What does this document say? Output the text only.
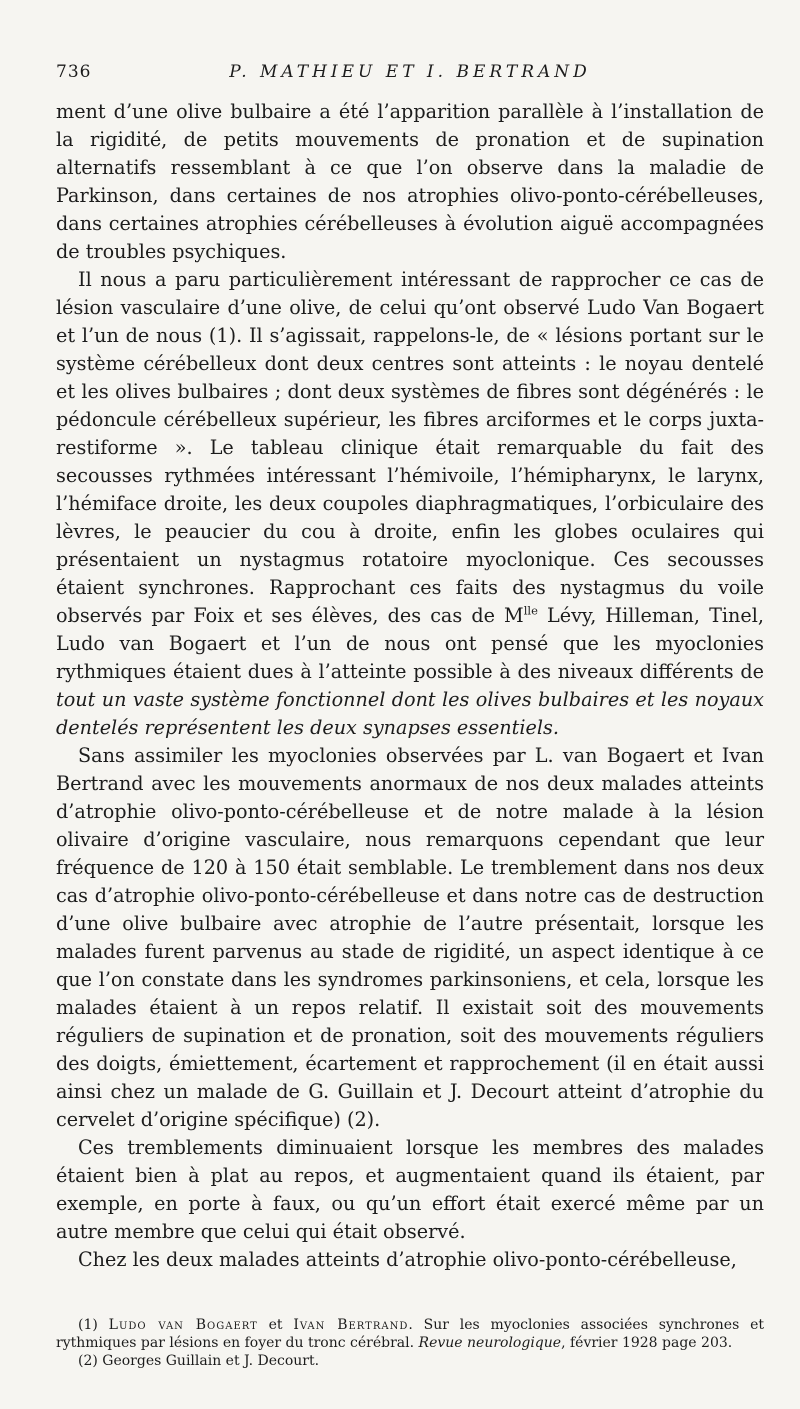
736	P. MATHIEU ET I. BERTRAND

ment d’une olive bulbaire a été l’apparition parallèle à l’installation de la rigidité, de petits mouvements de pronation et de supination alternatifs ressemblant à ce que l’on observe dans la maladie de Parkinson, dans certaines de nos atrophies olivo-ponto-cérébelleuses, dans certaines atrophies cérébelleuses à évolution aiguë accompagnées de troubles psychiques.

Il nous a paru particulièrement intéressant de rapprocher ce cas de lésion vasculaire d’une olive, de celui qu’ont observé Ludo Van Bogaert et l’un de nous (1). Il s’agissait, rappelons-le, de « lésions portant sur le système cérébelleux dont deux centres sont atteints : le noyau dentelé et les olives bulbaires ; dont deux systèmes de fibres sont dégénérés : le pédoncule cérébelleux supérieur, les fibres arciformes et le corps juxta-restiforme ». Le tableau clinique était remarquable du fait des secousses rythmées intéressant l’hémivoile, l’hémipharynx, le larynx, l’hémiface droite, les deux coupoles diaphragmatiques, l’orbiculaire des lèvres, le peaucier du cou à droite, enfin les globes oculaires qui présentaient un nystagmus rotatoire myoclonique. Ces secousses étaient synchrones. Rapprochant ces faits des nystagmus du voile observés par Foix et ses élèves, des cas de $M^{lle}$ Lévy, Hilleman, Tinel, Ludo van Bogaert et l’un de nous ont pensé que les myoclonies rythmiques étaient dues à l’atteinte possible à des niveaux différents de tout un vaste système fonctionnel dont les olives bulbaires et les noyaux dentelés représentent les deux synapses essentiels.

Sans assimiler les myoclonies observées par L. van Bogaert et Ivan Bertrand avec les mouvements anormaux de nos deux malades atteints d’atrophie olivo-ponto-cérébelleuse et de notre malade à la lésion olivaire d’origine vasculaire, nous remarquons cependant que leur fréquence de 120 à 150 était semblable. Le tremblement dans nos deux cas d’atrophie olivo-ponto-cérébelleuse et dans notre cas de destruction d’une olive bulbaire avec atrophie de l’autre présentait, lorsque les malades furent parvenus au stade de rigidité, un aspect identique à ce que l’on constate dans les syndromes parkinsoniens, et cela, lorsque les malades étaient à un repos relatif. Il existait soit des mouvements réguliers de supination et de pronation, soit des mouvements réguliers des doigts, émiettement, écartement et rapprochement (il en était aussi ainsi chez un malade de G. Guillain et J. Decourt atteint d’atrophie du cervelet d’origine spécifique) (2).

Ces tremblements diminuaient lorsque les membres des malades étaient bien à plat au repos, et augmentaient quand ils étaient, par exemple, en porte à faux, ou qu’un effort était exercé même par un autre membre que celui qui était observé.

Chez les deux malades atteints d’atrophie olivo-ponto-cérébelleuse,

(1) Ludo van Bogaert et Ivan Bertrand. Sur les myoclonies associées synchrones et rythmiques par lésions en foyer du tronc cérébral. Revue neurologique, février 1928 page 203.

(2) Georges Guillain et J. Decourt.
